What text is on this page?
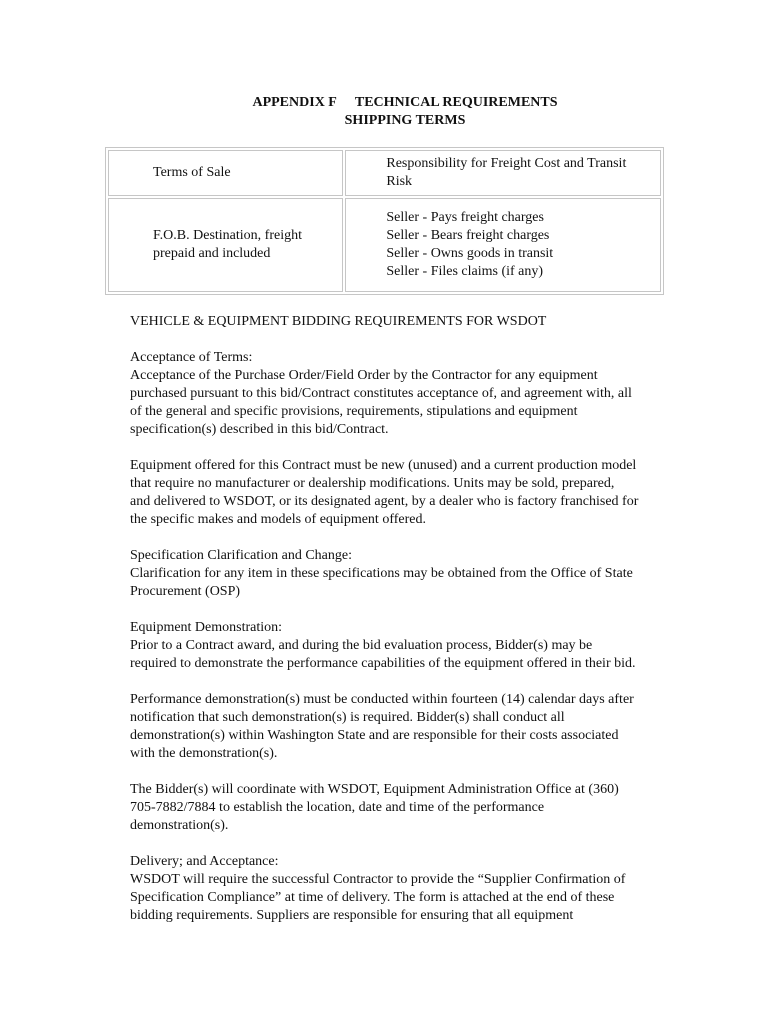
APPENDIX F TECHNICAL REQUIREMENTS
SHIPPING TERMS
Terms of Sale	Responsibility for Freight Cost and Transit
Risk

F.O.B. Destination, freight
prepaid and included	Seller - Pays freight charges
Seller - Bears freight charges
Seller - Owns goods in transit
Seller - Files claims (if any)

VEHICLE & EQUIPMENT BIDDING REQUIREMENTS FOR WSDOT

Acceptance of Terms:
Acceptance of the Purchase Order/Field Order by the Contractor for any equipment
purchased pursuant to this bid/Contract constitutes acceptance of, and agreement with, all
of the general and specific provisions, requirements, stipulations and equipment
specification(s) described in this bid/Contract.

Equipment offered for this Contract must be new (unused) and a current production model
that require no manufacturer or dealership modifications. Units may be sold, prepared,
and delivered to WSDOT, or its designated agent, by a dealer who is factory franchised for
the specific makes and models of equipment offered.

Specification Clarification and Change:
Clarification for any item in these specifications may be obtained from the Office of State
Procurement (OSP)

Equipment Demonstration:
Prior to a Contract award, and during the bid evaluation process, Bidder(s) may be
required to demonstrate the performance capabilities of the equipment offered in their bid.

Performance demonstration(s) must be conducted within fourteen (14) calendar days after
notification that such demonstration(s) is required. Bidder(s) shall conduct all
demonstration(s) within Washington State and are responsible for their costs associated
with the demonstration(s).

The Bidder(s) will coordinate with WSDOT, Equipment Administration Office at (360)
705-7882/7884 to establish the location, date and time of the performance
demonstration(s).

Delivery; and Acceptance:
WSDOT will require the successful Contractor to provide the “Supplier Confirmation of
Specification Compliance” at time of delivery. The form is attached at the end of these
bidding requirements. Suppliers are responsible for ensuring that all equipment
